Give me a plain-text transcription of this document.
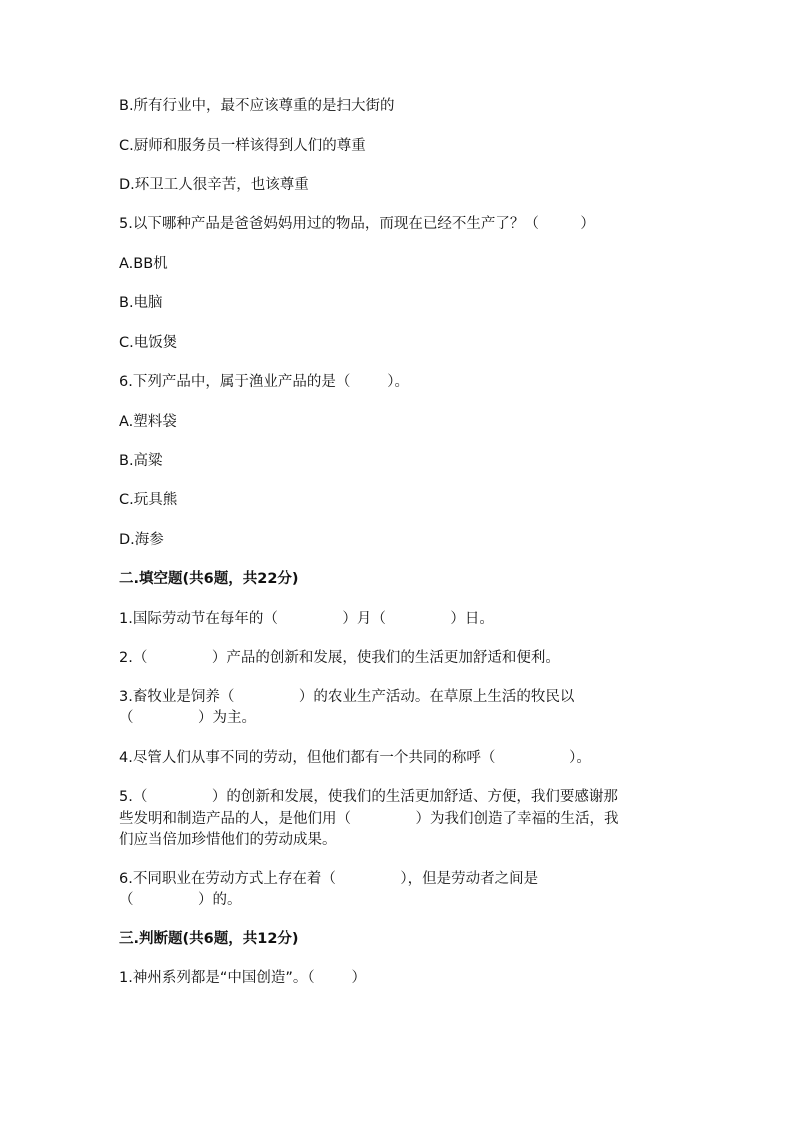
B.所有行业中，最不应该尊重的是扫大街的
C.厨师和服务员一样该得到人们的尊重
D.环卫工人很辛苦，也该尊重
5.以下哪种产品是爸爸妈妈用过的物品，而现在已经不生产了？（         ）
A.BB机
B.电脑
C.电饭煲
6.下列产品中，属于渔业产品的是（        ）。
A.塑料袋
B.高粱
C.玩具熊
D.海参
二.填空题(共6题，共22分)
1.国际劳动节在每年的（              ）月（              ）日。
2.（              ）产品的创新和发展，使我们的生活更加舒适和便利。
3.畜牧业是饲养（              ）的农业生产活动。在草原上生活的牧民以
（              ）为主。
4.尽管人们从事不同的劳动，但他们都有一个共同的称呼（                ）。
5.（              ）的创新和发展，使我们的生活更加舒适、方便，我们要感谢那
些发明和制造产品的人，是他们用（              ）为我们创造了幸福的生活，我
们应当倍加珍惜他们的劳动成果。
6.不同职业在劳动方式上存在着（              ），但是劳动者之间是
（              ）的。
三.判断题(共6题，共12分)
1.神州系列都是“中国创造”。（        ）
